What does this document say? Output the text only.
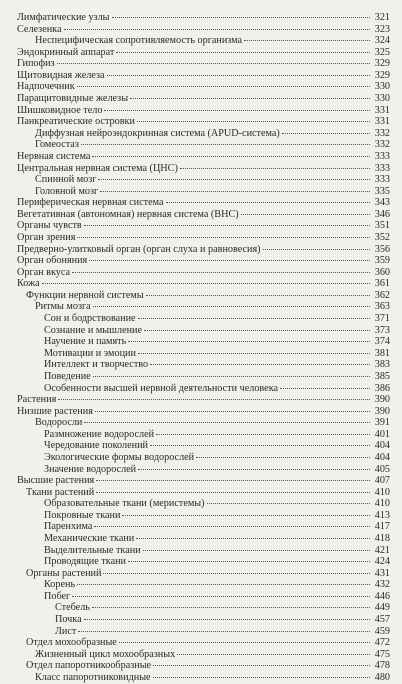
Лимфатические узлы	321
Селезенка	323
Неспецифическая сопротивляемость организма	324
Эндокринный аппарат	325
Гипофиз	329
Щитовидная железа	329
Надпочечник	330
Паращитовидные железы	330
Шишковидное тело	331
Панкреатические островки	331
Диффузная нейроэндокринная система (APUD-система)	332
Гомеостаз	332
Нервная система	333
Центральная нервная система (ЦНС)	333
Спинной мозг	333
Головной мозг	335
Периферическая нервная система	343
Вегетативная (автономная) нервная система (ВНС)	346
Органы чувств	351
Орган зрения	352
Предверно-улитковый орган (орган слуха и равновесия)	356
Орган обоняния	359
Орган вкуса	360
Кожа	361
Функции нервной системы	362
Ритмы мозга	363
Сон и бодрствование	371
Сознание и мышление	373
Научение и память	374
Мотивации и эмоции	381
Интеллект и творчество	383
Поведение	385
Особенности высшей нервной деятельности человека	386
Растения	390
Низшие растения	390
Водоросли	391
Размножение водорослей	401
Чередование поколений	404
Экологические формы водорослей	404
Значение водорослей	405
Высшие растения	407
Ткани растений	410
Образовательные ткани (меристемы)	410
Покровные ткани	413
Паренхима	417
Механические ткани	418
Выделительные ткани	421
Проводящие ткани	424
Органы растений	431
Корень	432
Побег	446
Стебель	449
Почка	457
Лист	459
Отдел мохообразные	472
Жизненный цикл мохообразных	475
Отдел папоротникообразные	478
Класс папоротниковидные	480
